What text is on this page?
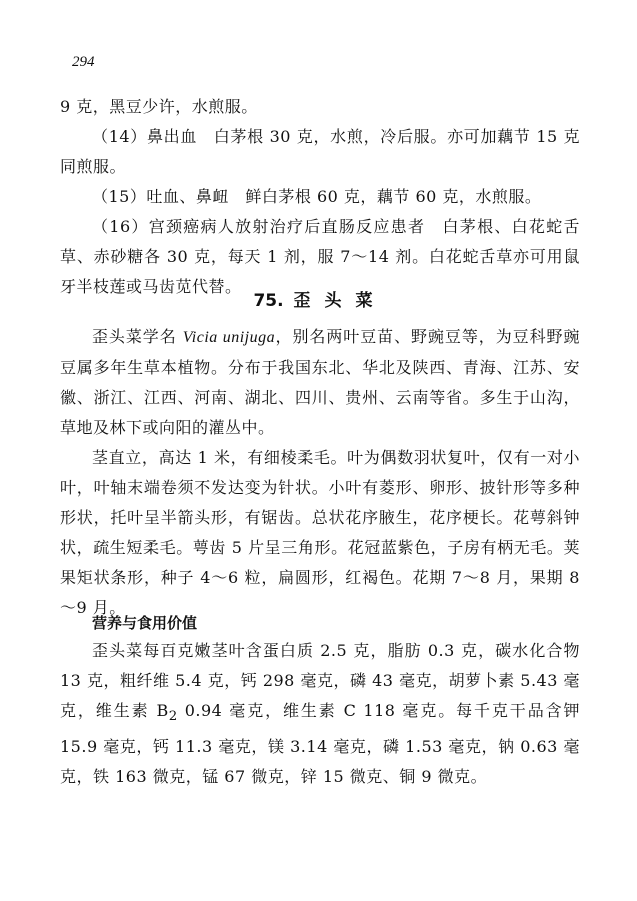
294

9 克，黑豆少许，水煎服。

（14）鼻出血　白茅根 30 克，水煎，冷后服。亦可加藕节 15 克同煎服。

（15）吐血、鼻衄　鲜白茅根 60 克，藕节 60 克，水煎服。

（16）宫颈癌病人放射治疗后直肠反应患者　白茅根、白花蛇舌草、赤砂糖各 30 克，每天 1 剂，服 7～14 剂。白花蛇舌草亦可用鼠牙半枝莲或马齿苋代替。

75. 歪头菜

歪头菜学名 Vicia unijuga，别名两叶豆苗、野豌豆等，为豆科野豌豆属多年生草本植物。分布于我国东北、华北及陕西、青海、江苏、安徽、浙江、江西、河南、湖北、四川、贵州、云南等省。多生于山沟，草地及林下或向阳的灌丛中。

茎直立，高达 1 米，有细棱柔毛。叶为偶数羽状复叶，仅有一对小叶，叶轴末端卷须不发达变为针状。小叶有菱形、卵形、披针形等多种形状，托叶呈半箭头形，有锯齿。总状花序腋生，花序梗长。花萼斜钟状，疏生短柔毛。萼齿 5 片呈三角形。花冠蓝紫色，子房有柄无毛。荚果矩状条形，种子 4～6 粒，扁圆形，红褐色。花期 7～8 月，果期 8～9 月。

营养与食用价值

歪头菜每百克嫩茎叶含蛋白质 2.5 克，脂肪 0.3 克，碳水化合物 13 克，粗纤维 5.4 克，钙 298 毫克，磷 43 毫克，胡萝卜素 5.43 毫克，维生素 $B_2$ 0.94 毫克，维生素 C 118 毫克。每千克干品含钾 15.9 毫克，钙 11.3 毫克，镁 3.14 毫克，磷 1.53 毫克，钠 0.63 毫克，铁 163 微克，锰 67 微克，锌 15 微克、铜 9 微克。
